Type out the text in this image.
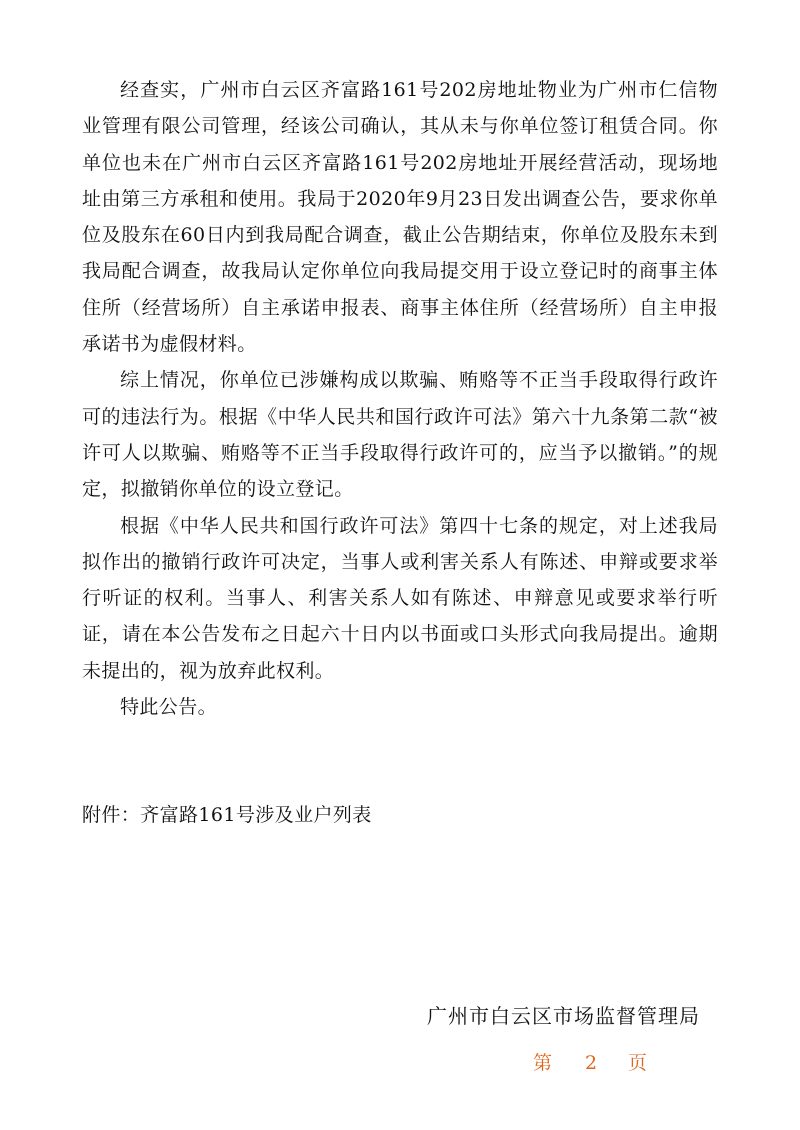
经查实，广州市白云区齐富路161号202房地址物业为广州市仁信物业管理有限公司管理，经该公司确认，其从未与你单位签订租赁合同。你单位也未在广州市白云区齐富路161号202房地址开展经营活动，现场地址由第三方承租和使用。我局于2020年9月23日发出调查公告，要求你单位及股东在60日内到我局配合调查，截止公告期结束，你单位及股东未到我局配合调查，故我局认定你单位向我局提交用于设立登记时的商事主体住所（经营场所）自主承诺申报表、商事主体住所（经营场所）自主申报承诺书为虚假材料。

综上情况，你单位已涉嫌构成以欺骗、贿赂等不正当手段取得行政许可的违法行为。根据《中华人民共和国行政许可法》第六十九条第二款“被许可人以欺骗、贿赂等不正当手段取得行政许可的，应当予以撤销。”的规定，拟撤销你单位的设立登记。

根据《中华人民共和国行政许可法》第四十七条的规定，对上述我局拟作出的撤销行政许可决定，当事人或利害关系人有陈述、申辩或要求举行听证的权利。当事人、利害关系人如有陈述、申辩意见或要求举行听证，请在本公告发布之日起六十日内以书面或口头形式向我局提出。逾期未提出的，视为放弃此权利。

特此公告。

附件：齐富路161号涉及业户列表
广州市白云区市场监督管理局
第 2 页
